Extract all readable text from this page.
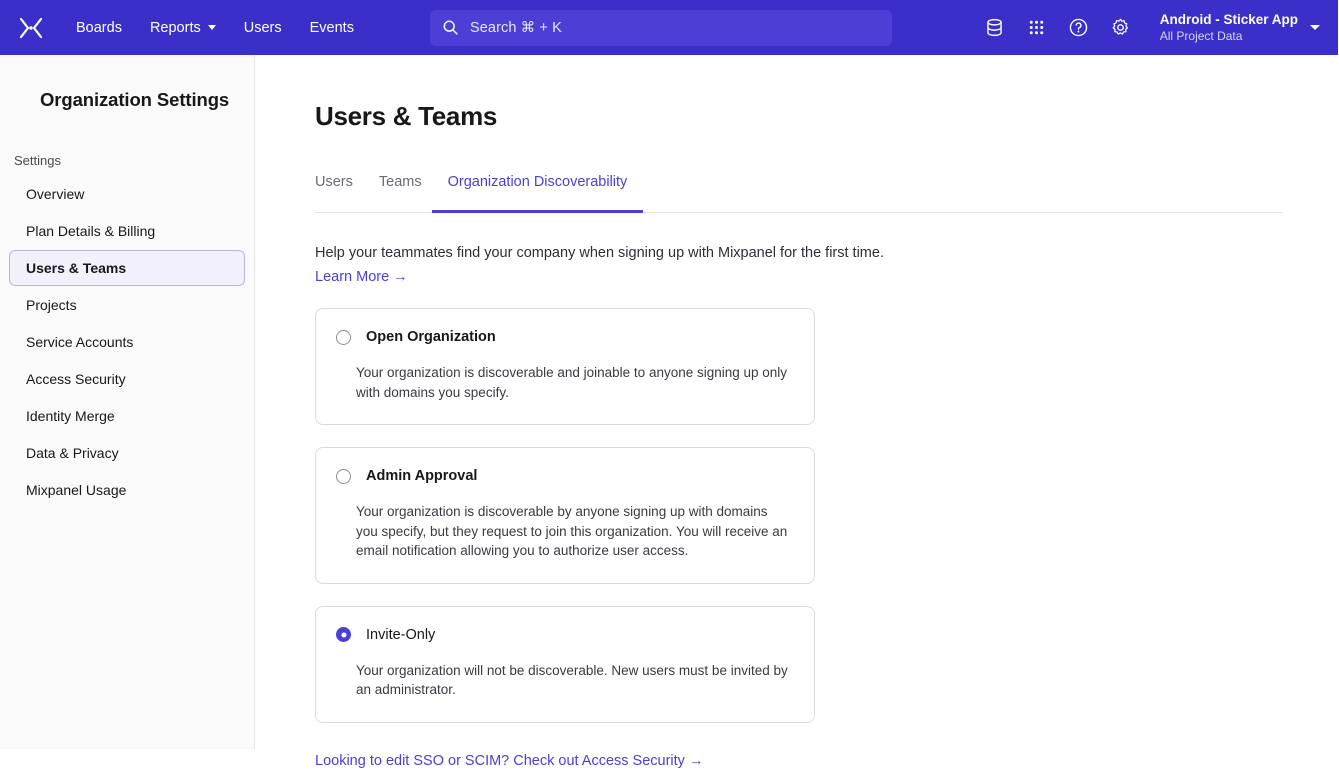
Boards Reports	Users Events	Search ⌘ + K	Android - Sticker App
All Project Data
Organization Settings
Settings
Overview
Plan Details & Billing
Users & Teams
Projects
Service Accounts
Access Security
Identity Merge
Data & Privacy
Mixpanel Usage
Users & Teams
Users Teams Organization Discoverability
Help your teammates find your company when signing up with Mixpanel for the first time.
Learn More →
Open Organization
Your organization is discoverable and joinable to anyone signing up only with domains you specify.
Admin Approval
Your organization is discoverable by anyone signing up with domains you specify, but they request to join this organization. You will receive an email notification allowing you to authorize user access.
Invite-Only
Your organization will not be discoverable. New users must be invited by an administrator.
Looking to edit SSO or SCIM? Check out Access Security →
